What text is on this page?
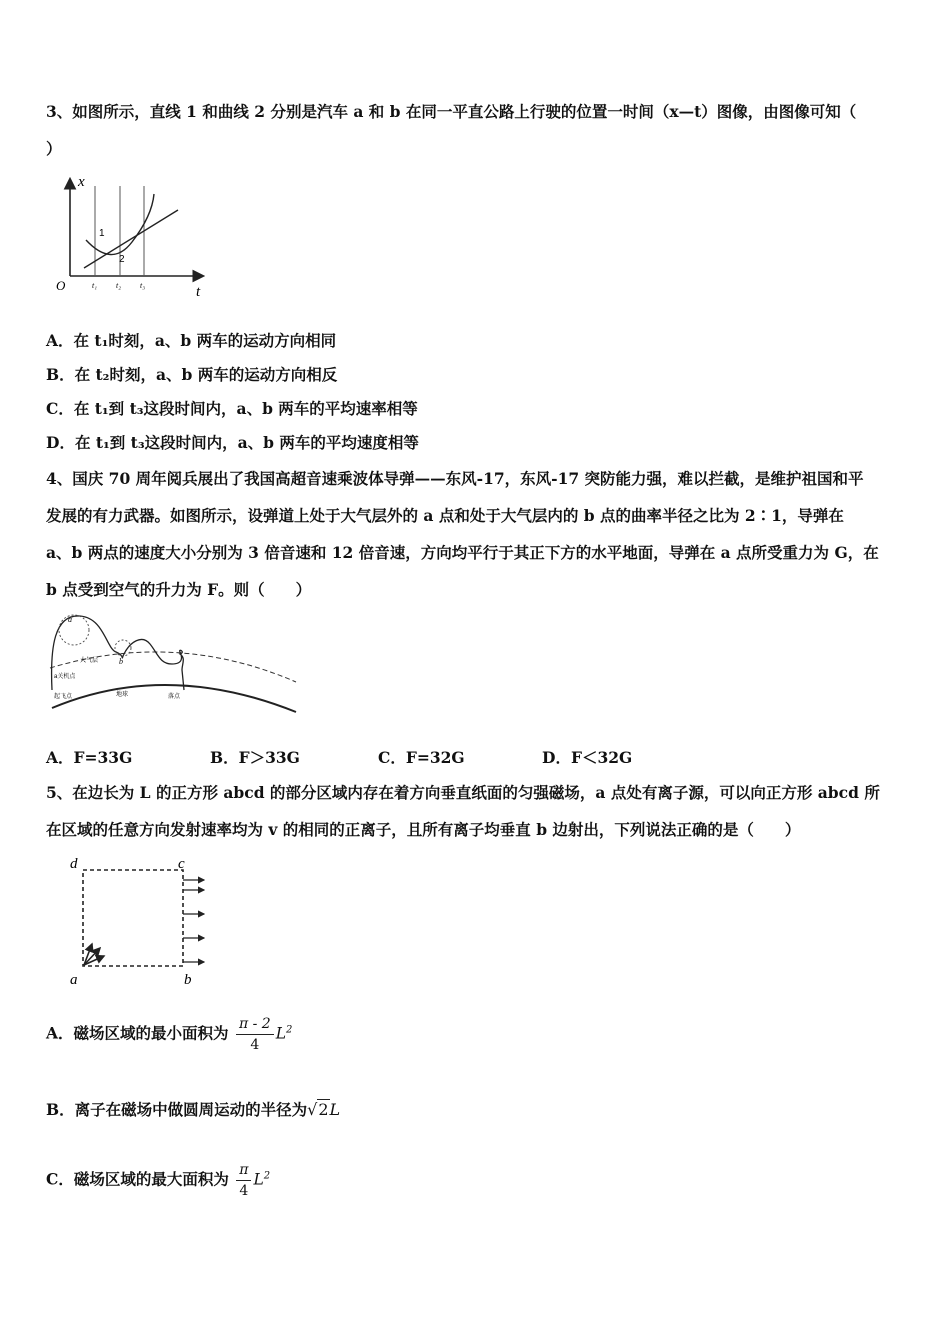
3、如图所示，直线 1 和曲线 2 分别是汽车 a 和 b 在同一平直公路上行驶的位置一时间（x—t）图像，由图像可知（
）
x
t
O
1
2
t₁ t₂ t₃
A．在 t₁时刻，a、b 两车的运动方向相同
B．在 t₂时刻，a、b 两车的运动方向相反
C．在 t₁到 t₃这段时间内，a、b 两车的平均速率相等
D．在 t₁到 t₃这段时间内，a、b 两车的平均速度相等
4、国庆 70 周年阅兵展出了我国高超音速乘波体导弹——东风-17，东风-17 突防能力强，难以拦截，是维护祖国和平
发展的有力武器。如图所示，设弹道上处于大气层外的 a 点和处于大气层内的 b 点的曲率半径之比为 2∶1，导弹在
a、b 两点的速度大小分别为 3 倍音速和 12 倍音速，方向均平行于其正下方的水平地面，导弹在 a 点所受重力为 G，在
b 点受到空气的升力为 F。则（　　）
a
b
大气层
a关机点
起飞点	地球	落点
A．F=33G	B．F＞33G	C．F=32G	D．F＜32G
5、在边长为 L 的正方形 abcd 的部分区域内存在着方向垂直纸面的匀强磁场，a 点处有离子源，可以向正方形 abcd 所
在区域的任意方向发射速率均为 v 的相同的正离子，且所有离子均垂直 b 边射出，下列说法正确的是（　　）
d	c
a	b
A．磁场区域的最小面积为 $\frac{\pi - 2}{4} L^2$
B．离子在磁场中做圆周运动的半径为√2L
C．磁场区域的最大面积为 $\frac{\pi}{4} L^2$
